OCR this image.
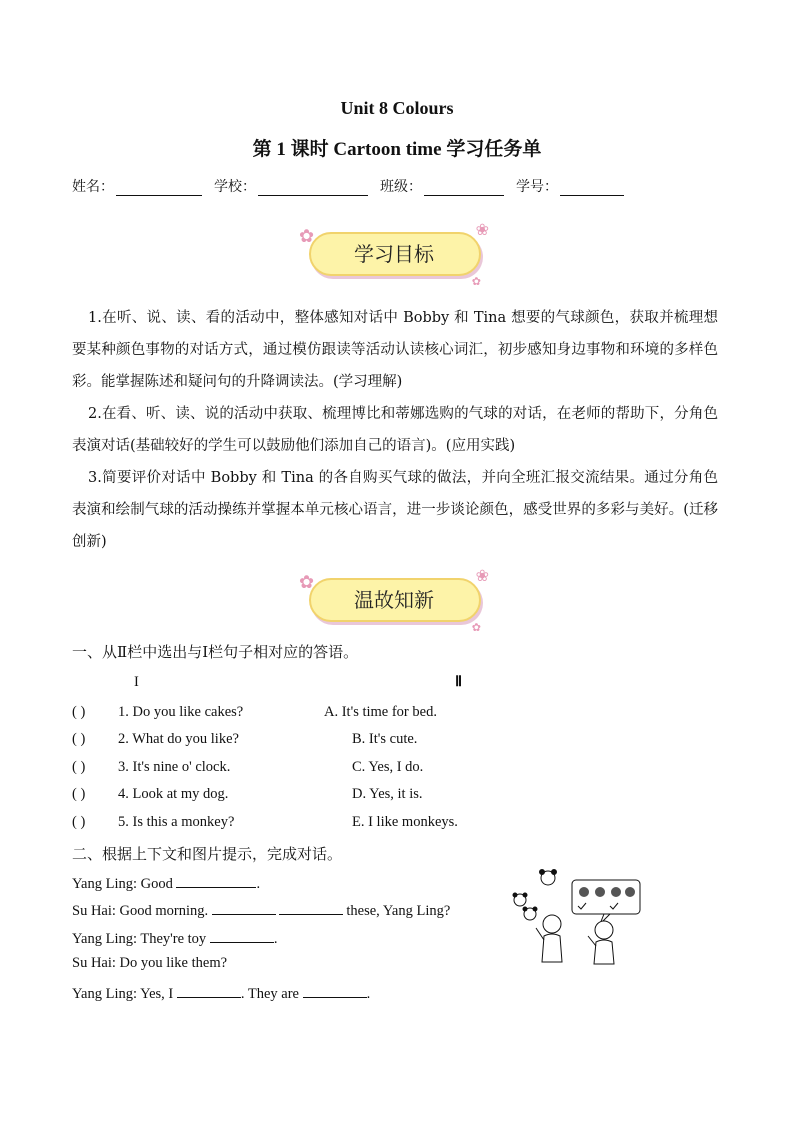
Unit 8 Colours
第 1 课时 Cartoon time 学习任务单
姓名：	学校：	班级：	学号：
✿	❀
✿
学习目标
1.在听、说、读、看的活动中，整体感知对话中 Bobby 和 Tina 想要的气球颜色，获取并梳理想要某种颜色事物的对话方式，通过模仿跟读等活动认读核心词汇，初步感知身边事物和环境的多样色彩。能掌握陈述和疑问句的升降调读法。(学习理解)
2.在看、听、读、说的活动中获取、梳理博比和蒂娜选购的气球的对话，在老师的帮助下，分角色表演对话(基础较好的学生可以鼓励他们添加自己的语言)。(应用实践)
3.简要评价对话中 Bobby 和 Tina 的各自购买气球的做法，并向全班汇报交流结果。通过分角色表演和绘制气球的活动操练并掌握本单元核心语言，进一步谈论颜色，感受世界的多彩与美好。(迁移创新)
✿	❀
✿
温故知新
一、从Ⅱ栏中选出与Ⅰ栏句子相对应的答语。
I	Ⅱ
( ) 1. Do you like cakes?	A. It's time for bed.
( ) 2. What do you like?	B. It's cute.
( ) 3. It's nine o' clock.	C. Yes, I do.
( ) 4. Look at my dog.	D. Yes, it is.
( ) 5. Is this a monkey?	E. I like monkeys.
二、根据上下文和图片提示，完成对话。
Yang Ling: Good	.
Su Hai: Good morning.	these, Yang Ling?
Yang Ling: They're toy	.
Su Hai: Do you like them?
Yang Ling: Yes, I	. They are	.
